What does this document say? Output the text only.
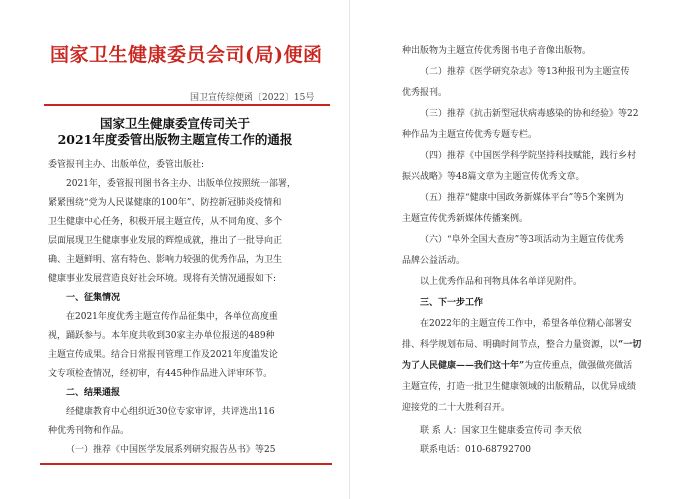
国家卫生健康委员会司(局)便函
国卫宣传综便函〔2022〕15号
国家卫生健康委宣传司关于
2021年度委管出版物主题宣传工作的通报
委管报刊主办、出版单位，委管出版社:
2021年，委管报刊图书各主办、出版单位按照统一部署，
紧紧围绕“党为人民谋健康的100年”、防控新冠肺炎疫情和
卫生健康中心任务，积极开展主题宣传，从不同角度、多个
层面展现卫生健康事业发展的辉煌成就，推出了一批导向正
确、主题鲜明、富有特色、影响力较强的优秀作品，为卫生
健康事业发展营造良好社会环境。现将有关情况通报如下:
一、征集情况
在2021年度优秀主题宣传作品征集中，各单位高度重
视，踊跃参与。本年度共收到30家主办单位报送的489种
主题宣传成果。结合日常报刊管理工作及2021年度滥发论
文专项检查情况，经初审，有445种作品进入评审环节。
二、结果通报
经健康教育中心组织近30位专家审评，共评选出116
种优秀刊物和作品。
（一）推荐《中国医学发展系列研究报告丛书》等25
种出版物为主题宣传优秀图书电子音像出版物。
（二）推荐《医学研究杂志》等13种报刊为主题宣传
优秀报刊。
（三）推荐《抗击新型冠状病毒感染的协和经验》等22
种作品为主题宣传优秀专题专栏。
（四）推荐《中国医学科学院坚持科技赋能，践行乡村
振兴战略》等48篇文章为主题宣传优秀文章。
（五）推荐“健康中国政务新媒体平台”等5个案例为
主题宣传优秀新媒体传播案例。
（六）“阜外全国大查房”等3项活动为主题宣传优秀
品牌公益活动。
以上优秀作品和刊物具体名单详见附件。
三、下一步工作
在2022年的主题宣传工作中，希望各单位精心部署安
排、科学规划布局、明确时间节点，整合力量资源，以“一切
为了人民健康——我们这十年”为宣传重点，做强做亮做活
主题宣传，打造一批卫生健康领域的出版精品，以优异成绩
迎接党的二十大胜利召开。
联 系 人：国家卫生健康委宣传司 李天依
联系电话：010-68792700
